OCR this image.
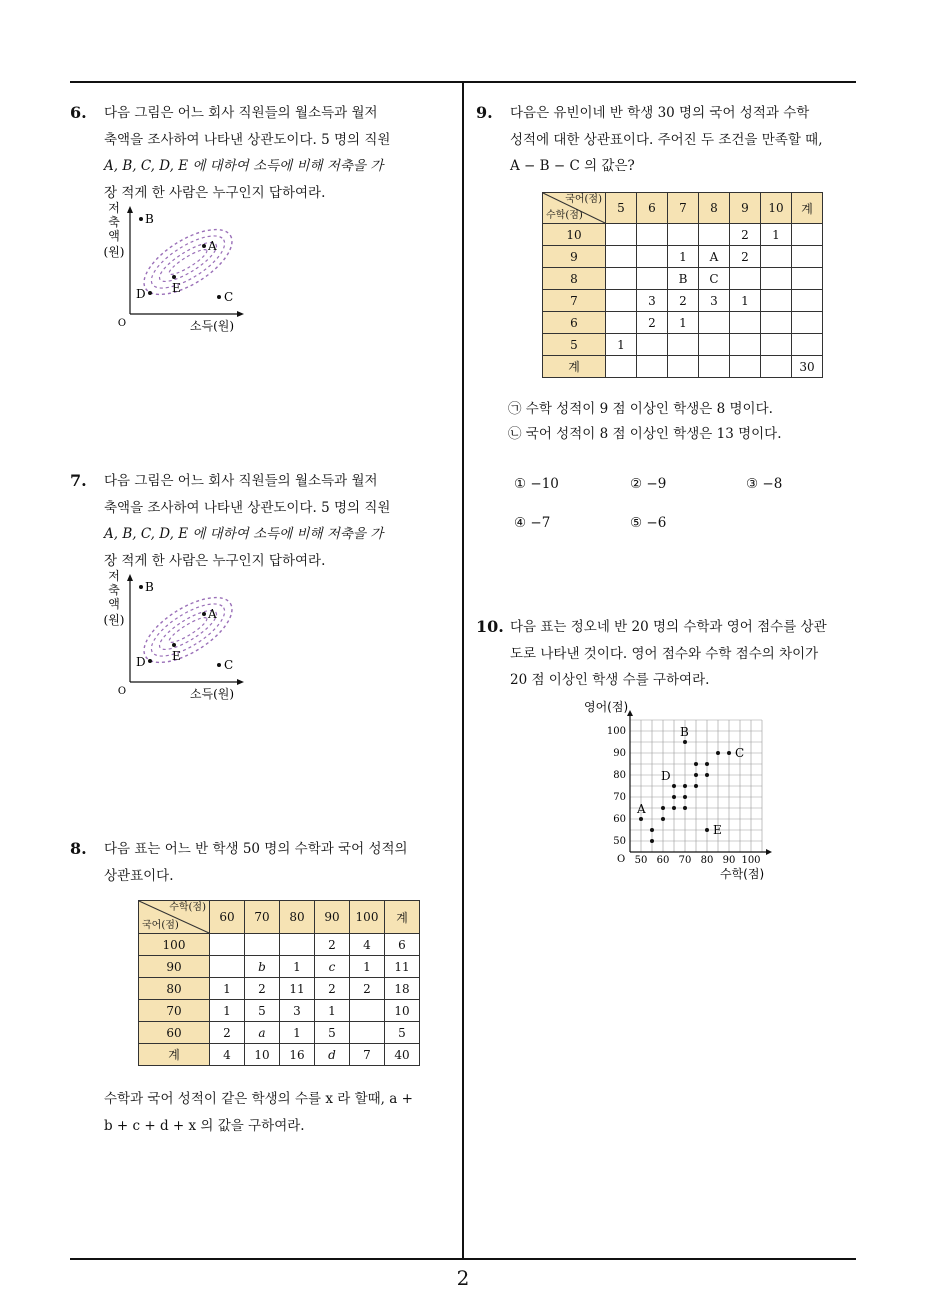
2
6. 다음 그림은 어느 회사 직원들의 월소득과 월저
축액을 조사하여 나타낸 상관도이다. 5 명의 직원
A, B, C, D, E 에 대하여 소득에 비해 저축을 가
장 적게 한 사람은 누구인지 답하여라.
저
축
액
(원)
소득(원)
O
B
A
E
D	C
7. 다음 그림은 어느 회사 직원들의 월소득과 월저
축액을 조사하여 나타낸 상관도이다. 5 명의 직원
A, B, C, D, E 에 대하여 소득에 비해 저축을 가
장 적게 한 사람은 누구인지 답하여라.
저
축
액
(원)
소득(원)
O
B
A
E
D	C
8. 다음 표는 어느 반 학생 50 명의 수학과 국어 성적의
상관표이다.
수학(점)
국어(점)	60	70	80	90	100	계
100				2	4	6
90		b	1	c	1	11
80	1	2	11	2	2	18
70	1	5	3	1		10
60	2	a	1	5		5
계	4	10	16	d	7	40
수학과 국어 성적이 같은 학생의 수를 x 라 할때, a +
b + c + d + x 의 값을 구하여라.
9. 다음은 유빈이네 반 학생 30 명의 국어 성적과 수학
성적에 대한 상관표이다. 주어진 두 조건을 만족할 때,
A − B − C 의 값은?
국어(점)
수학(점)	5	6	7	8	9	10	계
10					2	1	
9			1	A	2		
8			B	C			
7		3	2	3	1		
6		2	1				
5	1						
계							30
㉠ 수학 성적이 9 점 이상인 학생은 8 명이다.
㉡ 국어 성적이 8 점 이상인 학생은 13 명이다.
① −10	② −9	③ −8
④ −7	⑤ −6
10. 다음 표는 정오네 반 20 명의 수학과 영어 점수를 상관
도로 나타낸 것이다. 영어 점수와 수학 점수의 차이가
20 점 이상인 학생 수를 구하여라.
50 60 70 80 90 100
50
60
70
80
90
100
A
B
C
D
E
영어(점)
수학(점)
O
